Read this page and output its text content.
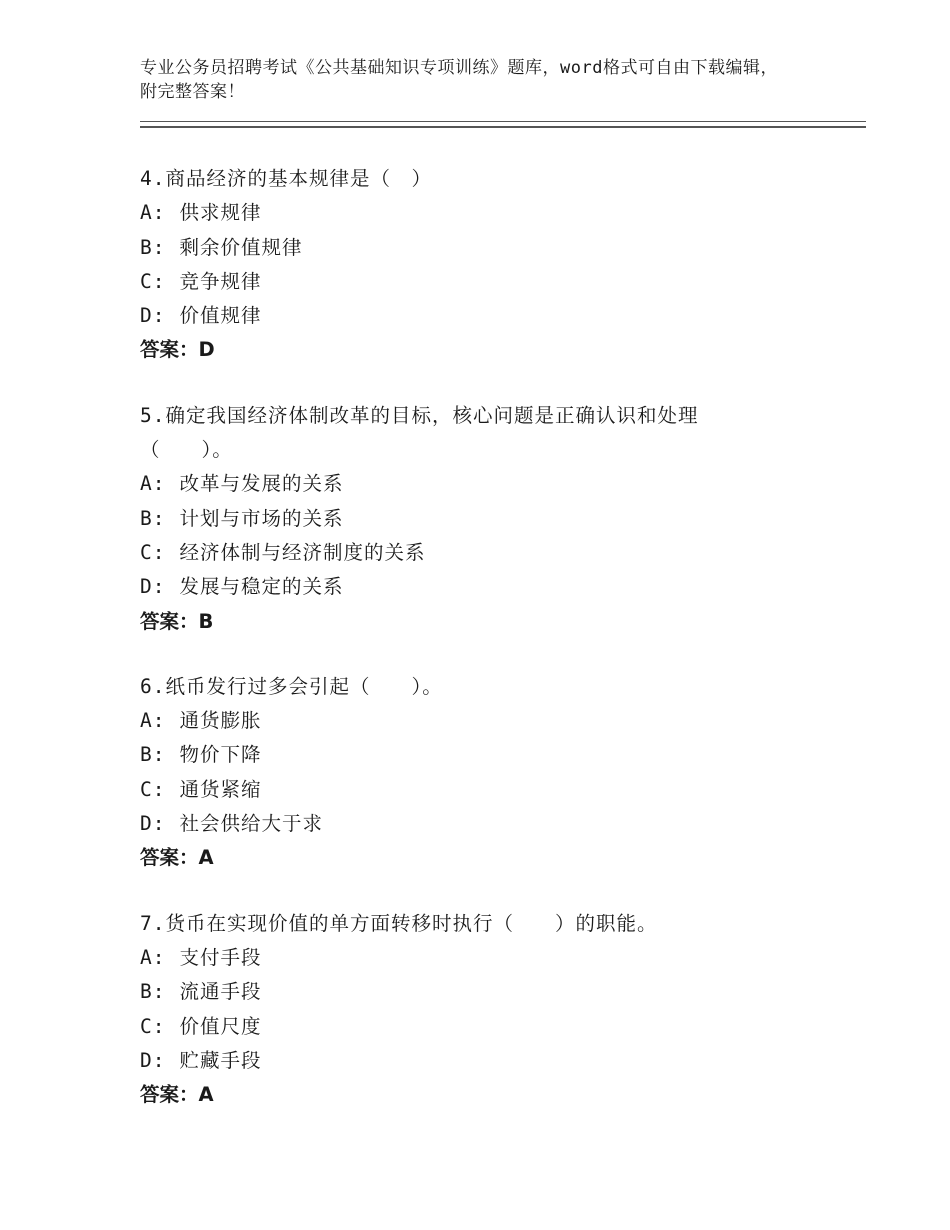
专业公务员招聘考试《公共基础知识专项训练》题库，word格式可自由下载编辑，附完整答案！

4.商品经济的基本规律是（　）

A: 供求规律

B: 剩余价值规律

C: 竞争规律

D: 价值规律

答案：D

5.确定我国经济体制改革的目标，核心问题是正确认识和处理（　　）。

A: 改革与发展的关系

B: 计划与市场的关系

C: 经济体制与经济制度的关系

D: 发展与稳定的关系

答案：B

6.纸币发行过多会引起（　　）。

A: 通货膨胀

B: 物价下降

C: 通货紧缩

D: 社会供给大于求

答案：A

7.货币在实现价值的单方面转移时执行（　　）的职能。

A: 支付手段

B: 流通手段

C: 价值尺度

D: 贮藏手段

答案：A
